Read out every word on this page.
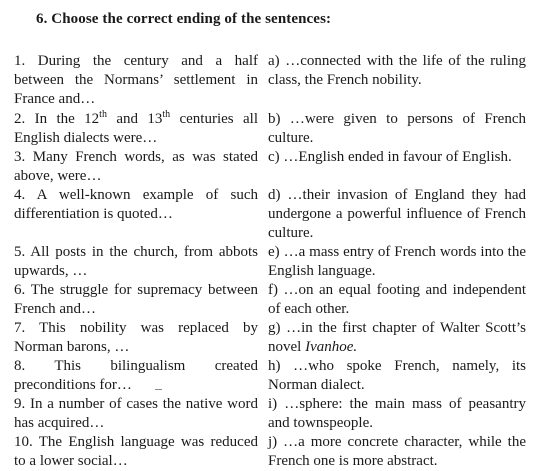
6. Choose the correct ending of the sentences:
1. During the century and a half between the Normans’ settlement in France and…
2. In the 12th and 13th centuries all English dialects were…
3. Many French words, as was stated above, were…
4. A well-known example of such differentiation is quoted…
5. All posts in the church, from abbots upwards, …
6. The struggle for supremacy between French and…
7. This nobility was replaced by Norman barons, …
8. This bilingualism created preconditions for…
9. In a number of cases the native word has acquired…
10. The English language was reduced to a lower social…
a) …connected with the life of the ruling class, the French nobility.
b) …were given to persons of French culture.
c) …English ended in favour of English.
d) …their invasion of England they had undergone a powerful influence of French culture.
e) …a mass entry of French words into the English language.
f) …on an equal footing and independent of each other.
g) …in the first chapter of Walter Scott’s novel Ivanhoe.
h) …who spoke French, namely, its Norman dialect.
i) …sphere: the main mass of peasantry and townspeople.
j) …a more concrete character, while the French one is more abstract.
